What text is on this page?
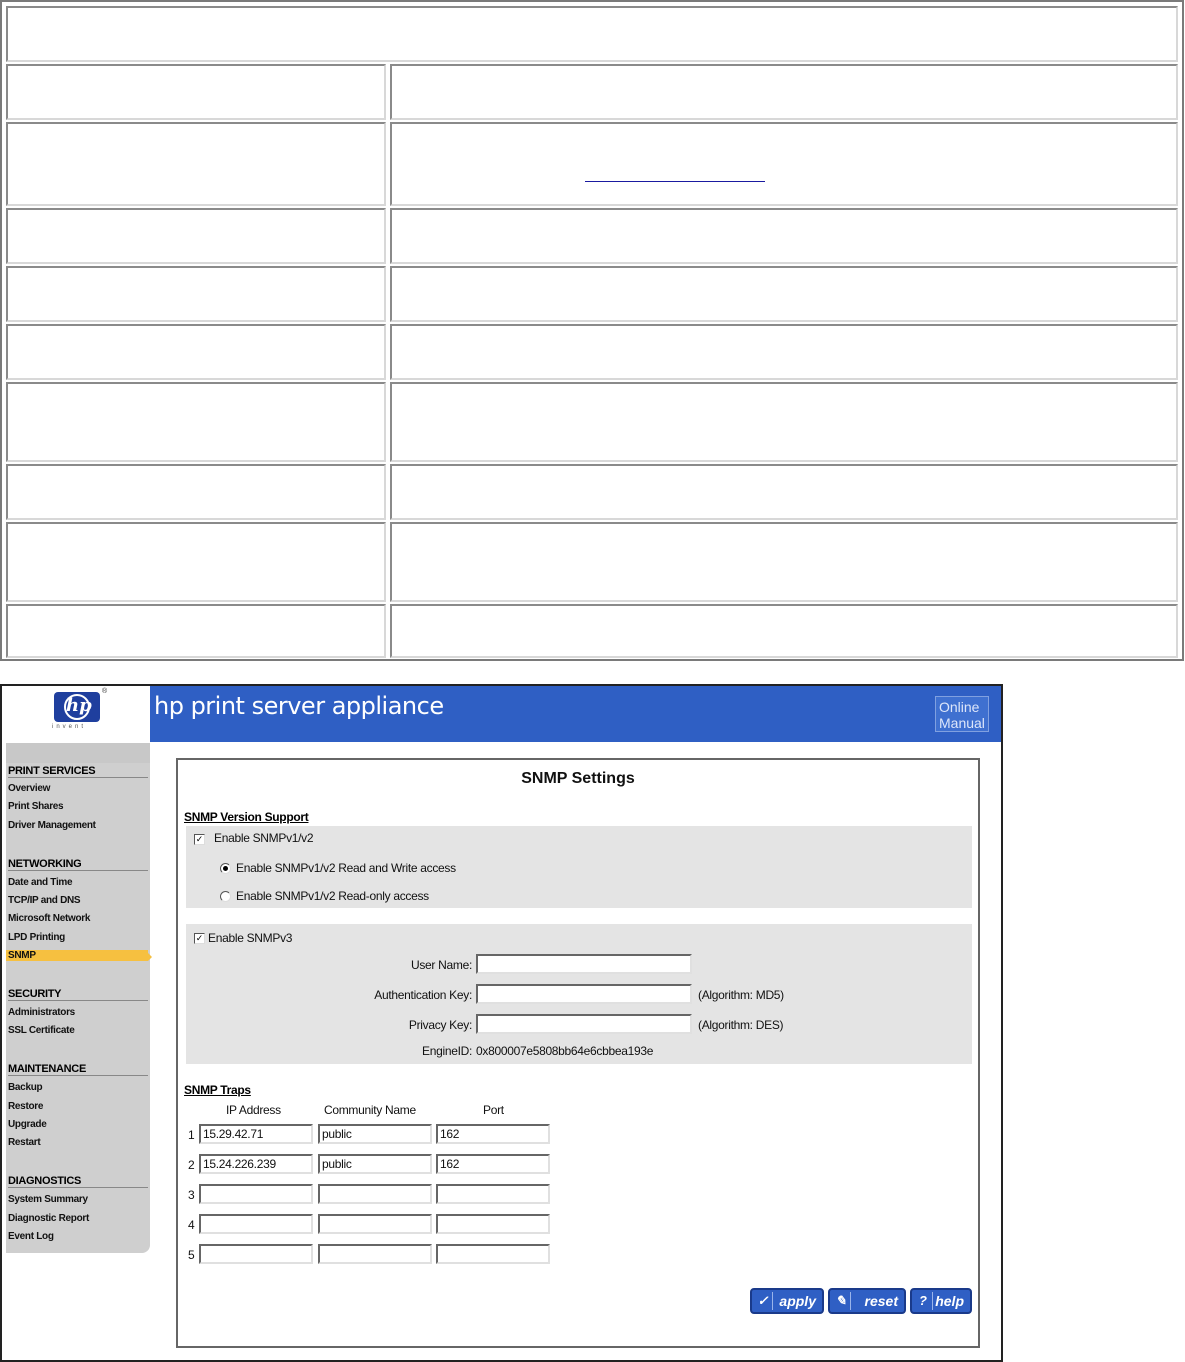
hp
®
invent
hp print server appliance	Online Manual
PRINT SERVICES
Overview
Print Shares
Driver Management
NETWORKING
Date and Time
TCP/IP and DNS
Microsoft Network
LPD Printing
SNMP
SECURITY
Administrators
SSL Certificate
MAINTENANCE
Backup
Restore
Upgrade
Restart
DIAGNOSTICS
System Summary
Diagnostic Report
Event Log
SNMP Settings
SNMP Version Support
✓ Enable SNMPv1/v2
Enable SNMPv1/v2 Read and Write access
Enable SNMPv1/v2 Read-only access
✓ Enable SNMPv3
User Name:
Authentication Key:	(Algorithm: MD5)
Privacy Key:	(Algorithm: DES)
EngineID: 0x800007e5808bb64e6cbbea193e
SNMP Traps
IP Address	Community Name	Port
1 15.29.42.71	public	162
2 15.24.226.239	public	162
3
4
5
✓ apply ✎	reset	? help
